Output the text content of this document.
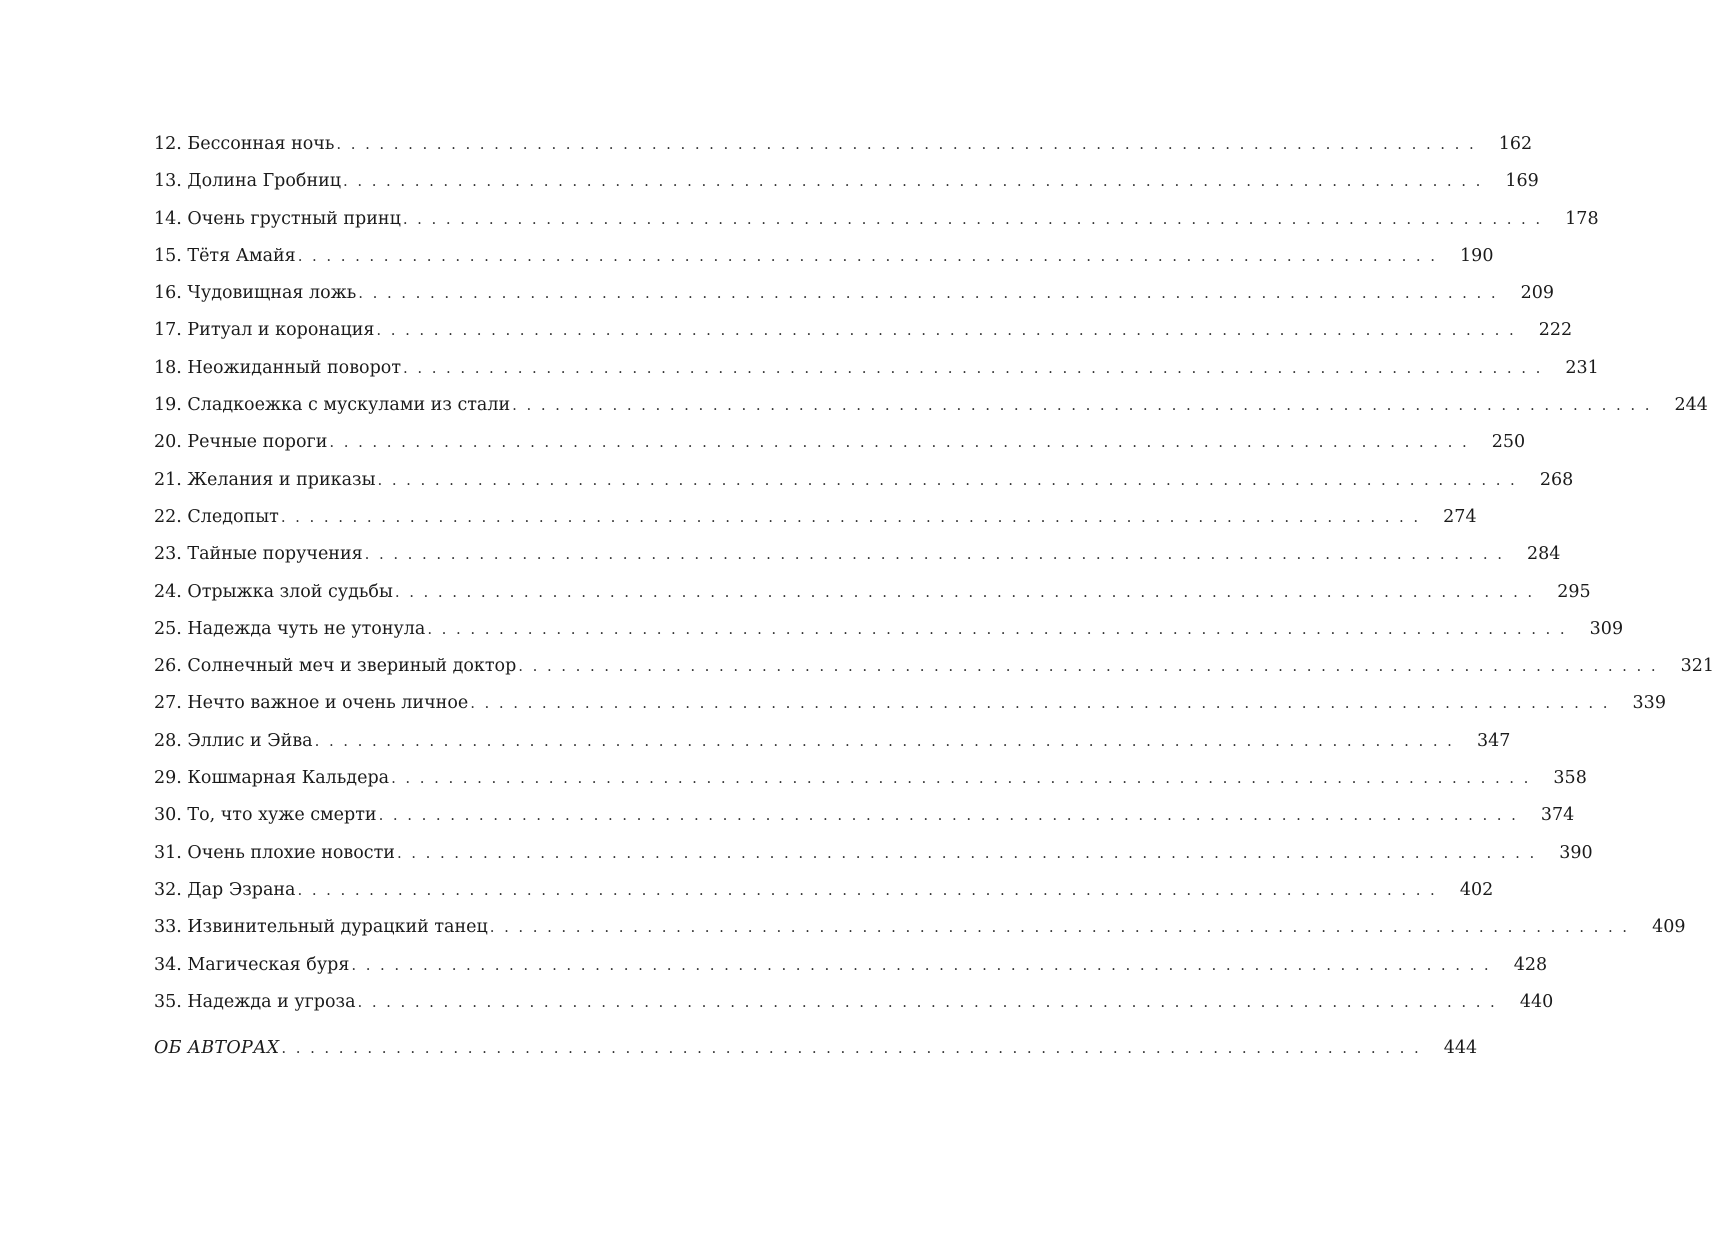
12. Бессонная ночь . . . . . . . . . . . . . . . . . . . . . . . . . . . . . . . . . . . . . . . . . . . . . . . . . . . . . . . . . . . . . . . . . . . . . . . . . . . . . . . .	162
13. Долина Гробниц . . . . . . . . . . . . . . . . . . . . . . . . . . . . . . . . . . . . . . . . . . . . . . . . . . . . . . . . . . . . . . . . . . . . . . . . . . . . . . . .	169
14. Очень грустный принц . . . . . . . . . . . . . . . . . . . . . . . . . . . . . . . . . . . . . . . . . . . . . . . . . . . . . . . . . . . . . . . . . . . . . . . . . . . . . . . .	178
15. Тётя Амайя . . . . . . . . . . . . . . . . . . . . . . . . . . . . . . . . . . . . . . . . . . . . . . . . . . . . . . . . . . . . . . . . . . . . . . . . . . . . . . . .	190
16. Чудовищная ложь . . . . . . . . . . . . . . . . . . . . . . . . . . . . . . . . . . . . . . . . . . . . . . . . . . . . . . . . . . . . . . . . . . . . . . . . . . . . . . . .	209
17. Ритуал и коронация . . . . . . . . . . . . . . . . . . . . . . . . . . . . . . . . . . . . . . . . . . . . . . . . . . . . . . . . . . . . . . . . . . . . . . . . . . . . . . . .	222
18. Неожиданный поворот . . . . . . . . . . . . . . . . . . . . . . . . . . . . . . . . . . . . . . . . . . . . . . . . . . . . . . . . . . . . . . . . . . . . . . . . . . . . . . . .	231
19. Сладкоежка с мускулами из стали . . . . . . . . . . . . . . . . . . . . . . . . . . . . . . . . . . . . . . . . . . . . . . . . . . . . . . . . . . . . . . . . . . . . . . . . . . . . . . . .	244
20. Речные пороги . . . . . . . . . . . . . . . . . . . . . . . . . . . . . . . . . . . . . . . . . . . . . . . . . . . . . . . . . . . . . . . . . . . . . . . . . . . . . . . .	250
21. Желания и приказы . . . . . . . . . . . . . . . . . . . . . . . . . . . . . . . . . . . . . . . . . . . . . . . . . . . . . . . . . . . . . . . . . . . . . . . . . . . . . . . .	268
22. Следопыт . . . . . . . . . . . . . . . . . . . . . . . . . . . . . . . . . . . . . . . . . . . . . . . . . . . . . . . . . . . . . . . . . . . . . . . . . . . . . . . .	274
23. Тайные поручения . . . . . . . . . . . . . . . . . . . . . . . . . . . . . . . . . . . . . . . . . . . . . . . . . . . . . . . . . . . . . . . . . . . . . . . . . . . . . . . .	284
24. Отрыжка злой судьбы . . . . . . . . . . . . . . . . . . . . . . . . . . . . . . . . . . . . . . . . . . . . . . . . . . . . . . . . . . . . . . . . . . . . . . . . . . . . . . . .	295
25. Надежда чуть не утонула . . . . . . . . . . . . . . . . . . . . . . . . . . . . . . . . . . . . . . . . . . . . . . . . . . . . . . . . . . . . . . . . . . . . . . . . . . . . . . . .	309
26. Солнечный меч и звериный доктор . . . . . . . . . . . . . . . . . . . . . . . . . . . . . . . . . . . . . . . . . . . . . . . . . . . . . . . . . . . . . . . . . . . . . . . . . . . . . . . .	321
27. Нечто важное и очень личное . . . . . . . . . . . . . . . . . . . . . . . . . . . . . . . . . . . . . . . . . . . . . . . . . . . . . . . . . . . . . . . . . . . . . . . . . . . . . . . .	339
28. Эллис и Эйва . . . . . . . . . . . . . . . . . . . . . . . . . . . . . . . . . . . . . . . . . . . . . . . . . . . . . . . . . . . . . . . . . . . . . . . . . . . . . . . .	347
29. Кошмарная Кальдера . . . . . . . . . . . . . . . . . . . . . . . . . . . . . . . . . . . . . . . . . . . . . . . . . . . . . . . . . . . . . . . . . . . . . . . . . . . . . . . .	358
30. То, что хуже смерти . . . . . . . . . . . . . . . . . . . . . . . . . . . . . . . . . . . . . . . . . . . . . . . . . . . . . . . . . . . . . . . . . . . . . . . . . . . . . . . .	374
31. Очень плохие новости . . . . . . . . . . . . . . . . . . . . . . . . . . . . . . . . . . . . . . . . . . . . . . . . . . . . . . . . . . . . . . . . . . . . . . . . . . . . . . . .	390
32. Дар Эзрана . . . . . . . . . . . . . . . . . . . . . . . . . . . . . . . . . . . . . . . . . . . . . . . . . . . . . . . . . . . . . . . . . . . . . . . . . . . . . . . .	402
33. Извинительный дурацкий танец . . . . . . . . . . . . . . . . . . . . . . . . . . . . . . . . . . . . . . . . . . . . . . . . . . . . . . . . . . . . . . . . . . . . . . . . . . . . . . . .	409
34. Магическая буря . . . . . . . . . . . . . . . . . . . . . . . . . . . . . . . . . . . . . . . . . . . . . . . . . . . . . . . . . . . . . . . . . . . . . . . . . . . . . . . .	428
35. Надежда и угроза . . . . . . . . . . . . . . . . . . . . . . . . . . . . . . . . . . . . . . . . . . . . . . . . . . . . . . . . . . . . . . . . . . . . . . . . . . . . . . . .	440
ОБ АВТОРАХ . . . . . . . . . . . . . . . . . . . . . . . . . . . . . . . . . . . . . . . . . . . . . . . . . . . . . . . . . . . . . . . . . . . . . . . . . . . . . . . .	444
